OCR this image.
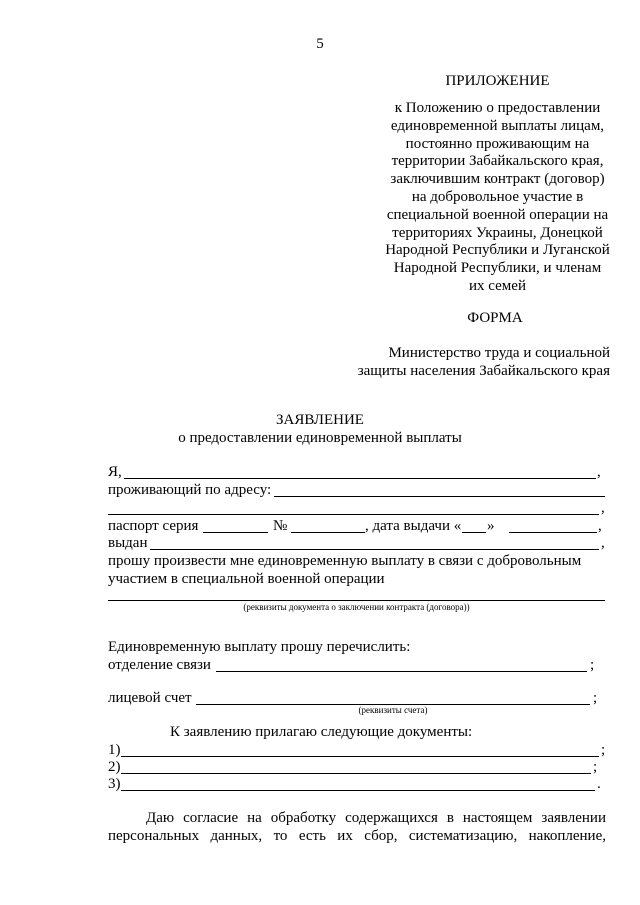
5
ПРИЛОЖЕНИЕ

к Положению о предоставлении

единовременной выплаты лицам,

постоянно проживающим на

территории Забайкальского края,

заключившим контракт (договор)

на добровольное участие в

специальной военной операции на

территориях Украины, Донецкой

Народной Республики и Луганской

Народной Республики, и членам

их семей

ФОРМА
Министерство труда и социальной
защиты населения Забайкальского края
ЗАЯВЛЕНИЕ
о предоставлении единовременной выплаты
Я,	,
проживающий по адресу:
,
паспорт серия	№	, дата выдачи « »	,
выдан	,
прошу произвести мне единовременную выплату в связи с добровольным
участием в специальной военной операции
(реквизиты документа о заключении контракта (договора))
Единовременную выплату прошу перечислить:
отделение связи	;
лицевой счет	;
(реквизиты счета)
К заявлению прилагаю следующие документы:
1)	;
2)	;
3)	.
Даю согласие на обработку содержащихся в настоящем заявлении
персональных данных, то есть их сбор, систематизацию, накопление,
